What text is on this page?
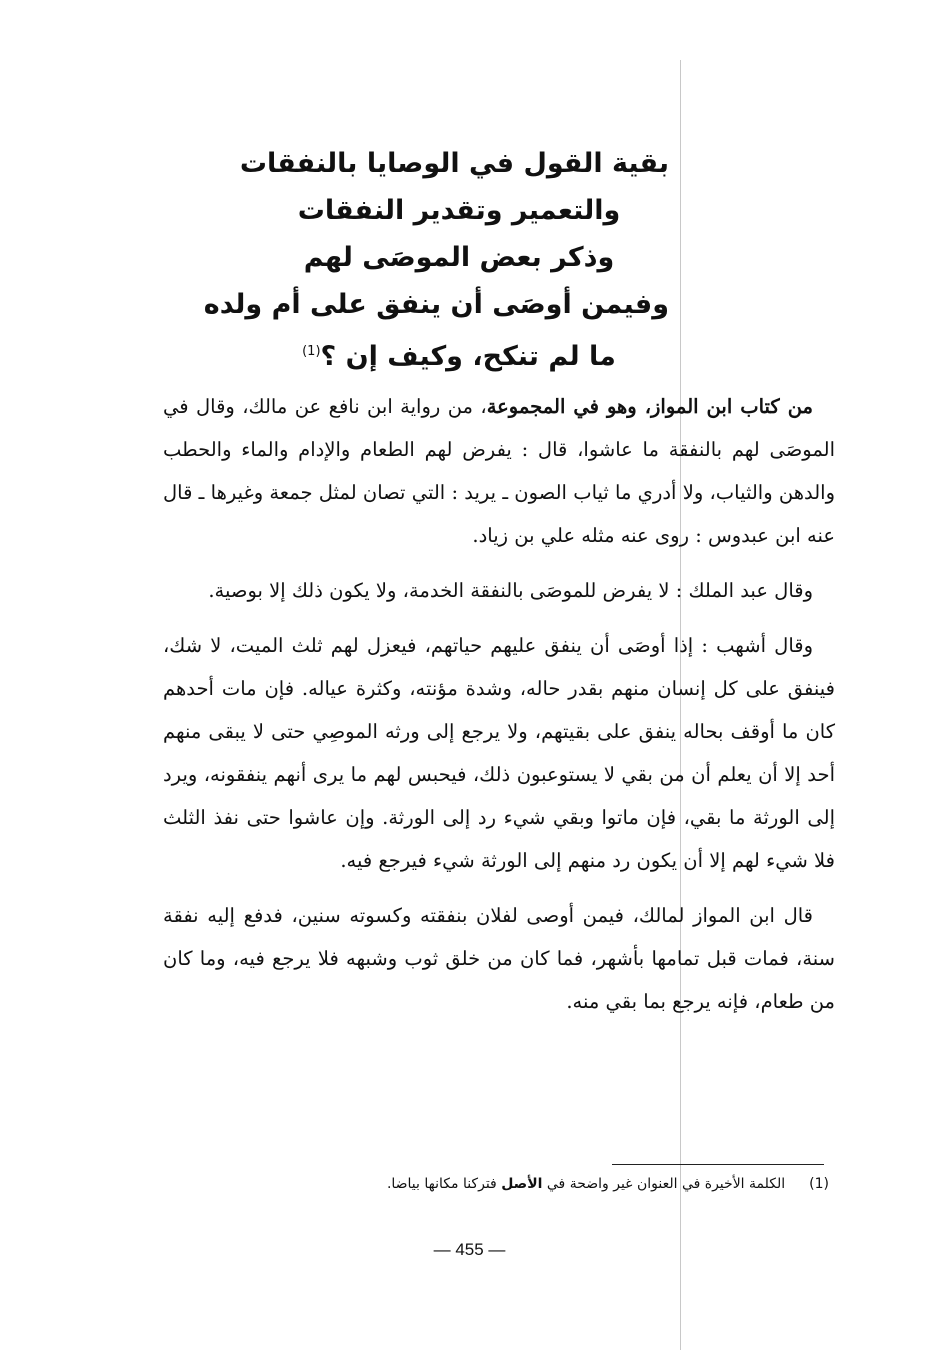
بقية القول في الوصايا بالنفقات
والتعمير وتقدير النفقات
وذكر بعض الموصَى لهم
وفيمن أوصَى أن ينفق على أم ولده
ما لم تنكح، وكيف إن ؟$^{(1)}$

من كتاب ابن المواز، وهو في المجموعة، من رواية ابن نافع عن مالك، وقال في الموصَى لهم بالنفقة ما عاشوا، قال : يفرض لهم الطعام والإدام والماء والحطب والدهن والثياب، ولا أدري ما ثياب الصون ـ يريد : التي تصان لمثل جمعة وغيرها ـ قال عنه ابن عبدوس : روى عنه مثله علي بن زياد.

وقال عبد الملك : لا يفرض للموصَى بالنفقة الخدمة، ولا يكون ذلك إلا بوصية.

وقال أشهب : إذا أوصَى أن ينفق عليهم حياتهم، فيعزل لهم ثلث الميت، لا شك، فينفق على كل إنسان منهم بقدر حاله، وشدة مؤنته، وكثرة عياله. فإن مات أحدهم كان ما أوقف بحاله ينفق على بقيتهم، ولا يرجع إلى ورثه الموصِي حتى لا يبقى منهم أحد إلا أن يعلم أن من بقي لا يستوعبون ذلك، فيحبس لهم ما يرى أنهم ينفقونه، ويرد إلى الورثة ما بقي، فإن ماتوا وبقي شيء رد إلى الورثة. وإن عاشوا حتى نفذ الثلث فلا شيء لهم إلا أن يكون رد منهم إلى الورثة شيء فيرجع فيه.

قال ابن المواز لمالك، فيمن أوصى لفلان بنفقته وكسوته سنين، فدفع إليه نفقة سنة، فمات قبل تمامها بأشهر، فما كان من خلق ثوب وشبهه فلا يرجع فيه، وما كان من طعام، فإنه يرجع بما بقي منه.

(1)الكلمة الأخيرة في العنوان غير واضحة في الأصل فتركنا مكانها بياضا.
— 455 —
